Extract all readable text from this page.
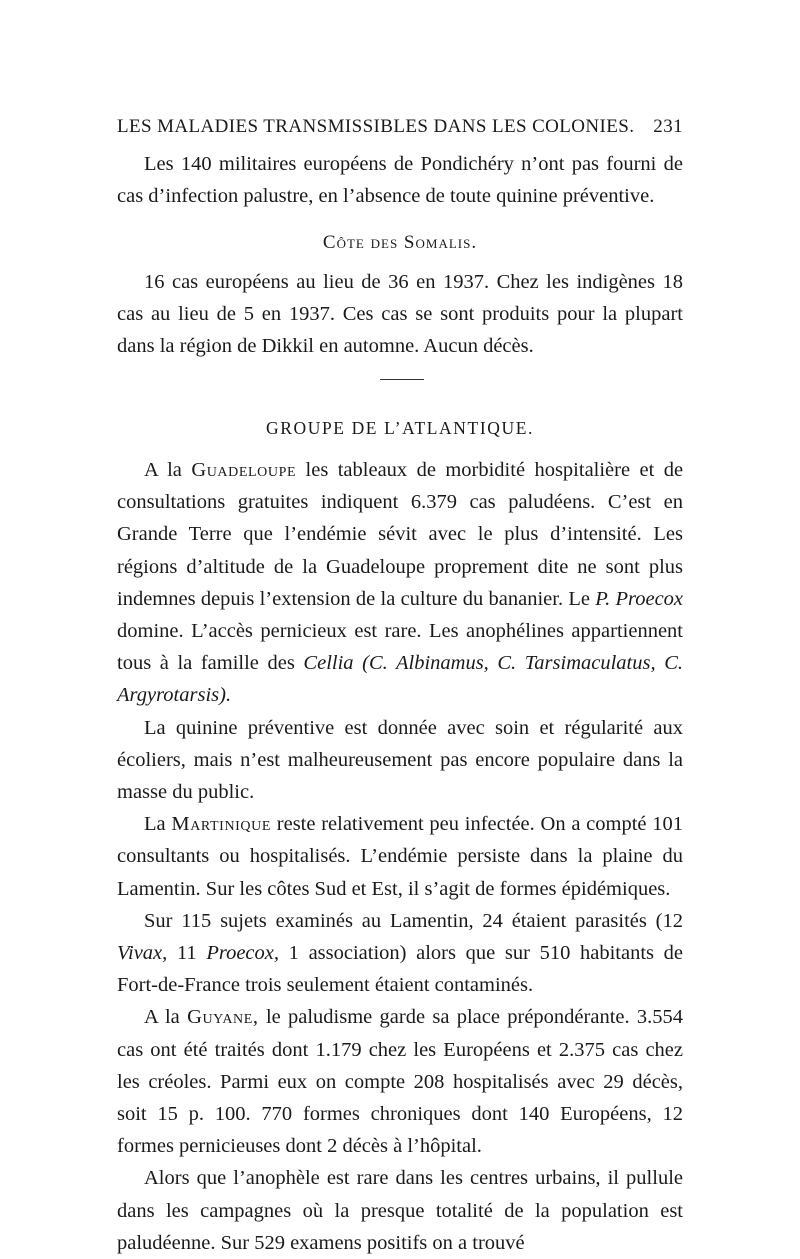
LES MALADIES TRANSMISSIBLES DANS LES COLONIES. 231

Les 140 militaires européens de Pondichéry n’ont pas fourni de cas d’infection palustre, en l’absence de toute quinine préventive.

Côte des Somalis.

16 cas européens au lieu de 36 en 1937. Chez les indigènes 18 cas au lieu de 5 en 1937. Ces cas se sont produits pour la plupart dans la région de Dikkil en automne. Aucun décès.

GROUPE DE L’ATLANTIQUE.

A la Guadeloupe les tableaux de morbidité hospitalière et de consultations gratuites indiquent 6.379 cas paludéens. C’est en Grande Terre que l’endémie sévit avec le plus d’intensité. Les régions d’altitude de la Guadeloupe proprement dite ne sont plus indemnes depuis l’extension de la culture du bananier. Le P. Proecox domine. L’accès pernicieux est rare. Les anophélines appartiennent tous à la famille des Cellia (C. Albinamus, C. Tarsimaculatus, C. Argyrotarsis).

La quinine préventive est donnée avec soin et régularité aux écoliers, mais n’est malheureusement pas encore populaire dans la masse du public.

La Martinique reste relativement peu infectée. On a compté 101 consultants ou hospitalisés. L’endémie persiste dans la plaine du Lamentin. Sur les côtes Sud et Est, il s’agit de formes épidémiques.

Sur 115 sujets examinés au Lamentin, 24 étaient parasités (12 Vivax, 11 Proecox, 1 association) alors que sur 510 habitants de Fort-de-France trois seulement étaient contaminés.

A la Guyane, le paludisme garde sa place prépondérante. 3.554 cas ont été traités dont 1.179 chez les Européens et 2.375 cas chez les créoles. Parmi eux on compte 208 hospitalisés avec 29 décès, soit 15 p. 100. 770 formes chroniques dont 140 Européens, 12 formes pernicieuses dont 2 décès à l’hôpital.

Alors que l’anophèle est rare dans les centres urbains, il pullule dans les campagnes où la presque totalité de la population est paludéenne. Sur 529 examens positifs on a trouvé
